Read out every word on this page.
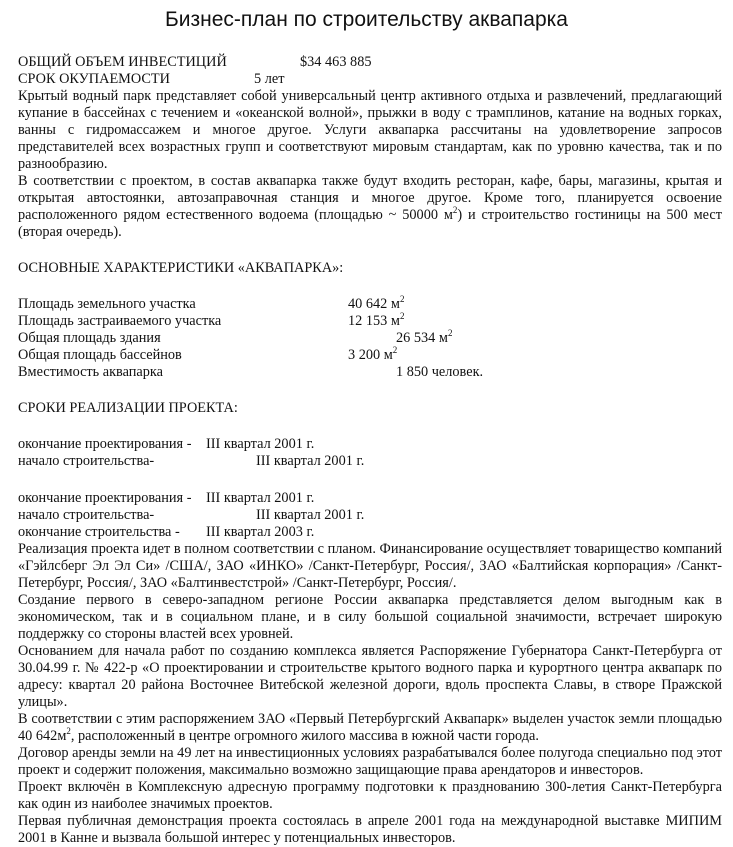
Бизнес-план по строительству аквапарка
ОБЩИЙ ОБЪЕМ ИНВЕСТИЦИЙ	$34 463 885
СРОК ОКУПАЕМОСТИ	5 лет

Крытый водный парк представляет собой универсальный центр активного отдыха и развлечений, предлагающий купание в бассейнах с течением и «океанской волной», прыжки в воду с трамплинов, катание на водных горках, ванны с гидромассажем и многое другое. Услуги аквапарка рассчитаны на удовлетворение запросов представителей всех возрастных групп и соответствуют мировым стандартам, как по уровню качества, так и по разнообразию.

В соответствии с проектом, в состав аквапарка также будут входить ресторан, кафе, бары, магазины, крытая и открытая автостоянки, автозаправочная станция и многое другое. Кроме того, планируется освоение расположенного рядом естественного водоема (площадью ~ 50000 $м^2$) и строительство гостиницы на 500 мест (вторая очередь).

ОСНОВНЫЕ ХАРАКТЕРИСТИКИ «АКВАПАРКА»:
Площадь земельного участка	40 642 $м^2$
Площадь застраиваемого участка	12 153 $м^2$
Общая площадь здания	26 534 $м^2$
Общая площадь бассейнов	3 200 $м^2$
Вместимость аквапарка	1 850 человек.
СРОКИ РЕАЛИЗАЦИИ ПРОЕКТА:
окончание проектирования - III квартал 2001 г.
начало строительства-	III квартал 2001 г.
окончание проектирования - III квартал 2001 г.
начало строительства-	III квартал 2001 г.
окончание строительства - III квартал 2003 г.

Реализация проекта идет в полном соответствии с планом. Финансирование осуществляет товарищество компаний «Гэйлсберг Эл Эл Си» /США/, ЗАО «ИНКО» /Санкт-Петербург, Россия/, ЗАО «Балтийская корпорация» /Санкт-Петербург, Россия/, ЗАО «Балтинвестстрой» /Санкт-Петербург, Россия/.

Создание первого в северо-западном регионе России аквапарка представляется делом выгодным как в экономическом, так и в социальном плане, и в силу большой социальной значимости, встречает широкую поддержку со стороны властей всех уровней.

Основанием для начала работ по созданию комплекса является Распоряжение Губернатора Санкт-Петербурга от 30.04.99 г. № 422-р «О проектировании и строительстве крытого водного парка и курортного центра аквапарк по адресу: квартал 20 района Восточнее Витебской железной дороги, вдоль проспекта Славы, в створе Пражской улицы».

В соответствии с этим распоряжением ЗАО «Первый Петербургский Аквапарк» выделен участок земли площадью 40 $642м^2$, расположенный в центре огромного жилого массива в южной части города.

Договор аренды земли на 49 лет на инвестиционных условиях разрабатывался более полугода специально под этот проект и содержит положения, максимально возможно защищающие права арендаторов и инвесторов.

Проект включён в Комплексную адресную программу подготовки к празднованию 300-летия Санкт-Петербурга как один из наиболее значимых проектов.

Первая публичная демонстрация проекта состоялась в апреле 2001 года на международной выставке МИПИМ 2001 в Канне и вызвала большой интерес у потенциальных инвесторов.
